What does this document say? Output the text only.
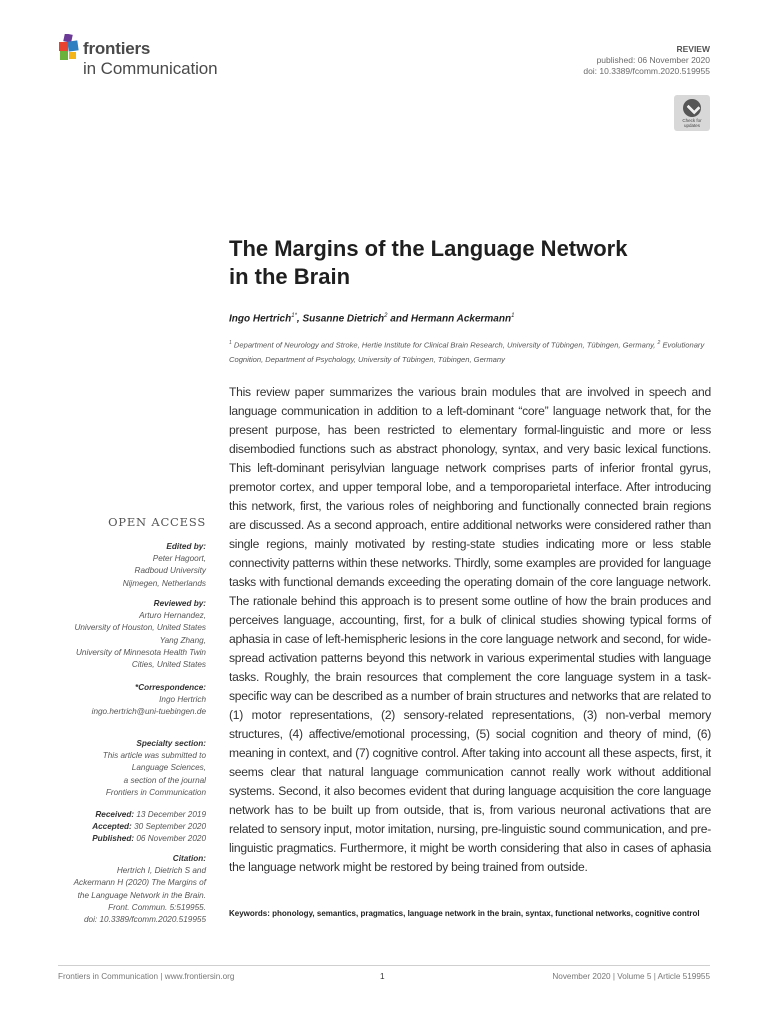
frontiers
in Communication
REVIEW
published: 06 November 2020
doi: 10.3389/fcomm.2020.519955
Check for updates
The Margins of the Language Network in the Brain
Ingo Hertrich$^{1*}$, Susanne Dietrich$^2$ and Hermann Ackermann$^1$
$^1$ Department of Neurology and Stroke, Hertie Institute for Clinical Brain Research, University of Tübingen, Tübingen, Germany, $^2$ Evolutionary Cognition, Department of Psychology, University of Tübingen, Tübingen, Germany
This review paper summarizes the various brain modules that are involved in speech and language communication in addition to a left-dominant “core” language network that, for the present purpose, has been restricted to elementary formal-linguistic and more or less disembodied functions such as abstract phonology, syntax, and very basic lexical functions. This left-dominant perisylvian language network comprises parts of inferior frontal gyrus, premotor cortex, and upper temporal lobe, and a temporoparietal interface. After introducing this network, first, the various roles of neighboring and functionally connected brain regions are discussed. As a second approach, entire additional networks were considered rather than single regions, mainly motivated by resting-state studies indicating more or less stable connectivity patterns within these networks. Thirdly, some examples are provided for language tasks with functional demands exceeding the operating domain of the core language network. The rationale behind this approach is to present some outline of how the brain produces and perceives language, accounting, first, for a bulk of clinical studies showing typical forms of aphasia in case of left-hemispheric lesions in the core language network and second, for wide-spread activation patterns beyond this network in various experimental studies with language tasks. Roughly, the brain resources that complement the core language system in a task-specific way can be described as a number of brain structures and networks that are related to (1) motor representations, (2) sensory-related representations, (3) non-verbal memory structures, (4) affective/emotional processing, (5) social cognition and theory of mind, (6) meaning in context, and (7) cognitive control. After taking into account all these aspects, first, it seems clear that natural language communication cannot really work without additional systems. Second, it also becomes evident that during language acquisition the core language network has to be built up from outside, that is, from various neuronal activations that are related to sensory input, motor imitation, nursing, pre-linguistic sound communication, and pre-linguistic pragmatics. Furthermore, it might be worth considering that also in cases of aphasia the language network might be restored by being trained from outside.
Keywords: phonology, semantics, pragmatics, language network in the brain, syntax, functional networks, cognitive control
OPEN ACCESS
Edited by:
Peter Hagoort,
Radboud University
Nijmegen, Netherlands
Reviewed by:
Arturo Hernandez,
University of Houston, United States
Yang Zhang,
University of Minnesota Health Twin
Cities, United States
*Correspondence:
Ingo Hertrich
ingo.hertrich@uni-tuebingen.de
Specialty section:
This article was submitted to
Language Sciences,
a section of the journal
Frontiers in Communication
Received: 13 December 2019
Accepted: 30 September 2020
Published: 06 November 2020
Citation:
Hertrich I, Dietrich S and
Ackermann H (2020) The Margins of
the Language Network in the Brain.
Front. Commun. 5:519955.
doi: 10.3389/fcomm.2020.519955
Frontiers in Communication | www.frontiersin.org	1	November 2020 | Volume 5 | Article 519955
